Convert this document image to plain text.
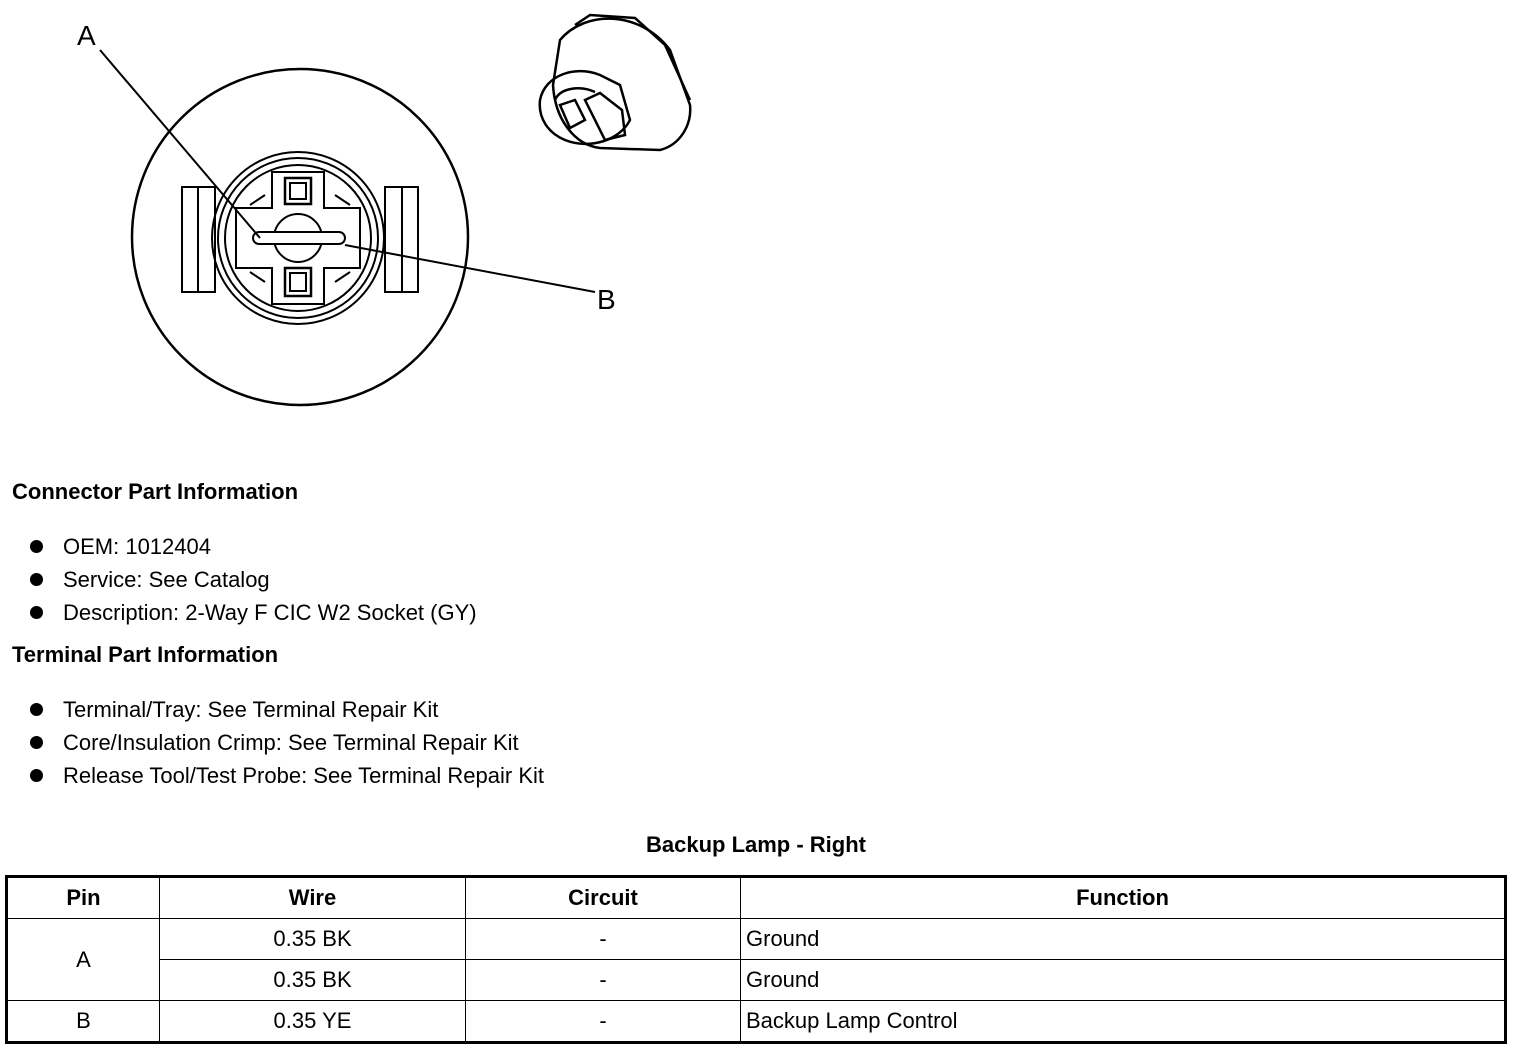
A
B
Connector Part Information
OEM: 1012404
Service: See Catalog
Description: 2-Way F CIC W2 Socket (GY)
Terminal Part Information
Terminal/Tray: See Terminal Repair Kit
Core/Insulation Crimp: See Terminal Repair Kit
Release Tool/Test Probe: See Terminal Repair Kit
Backup Lamp - Right
Pin	Wire	Circuit	Function
A	0.35 BK	-	Ground
	0.35 BK	-	Ground
B	0.35 YE	-	Backup Lamp Control
